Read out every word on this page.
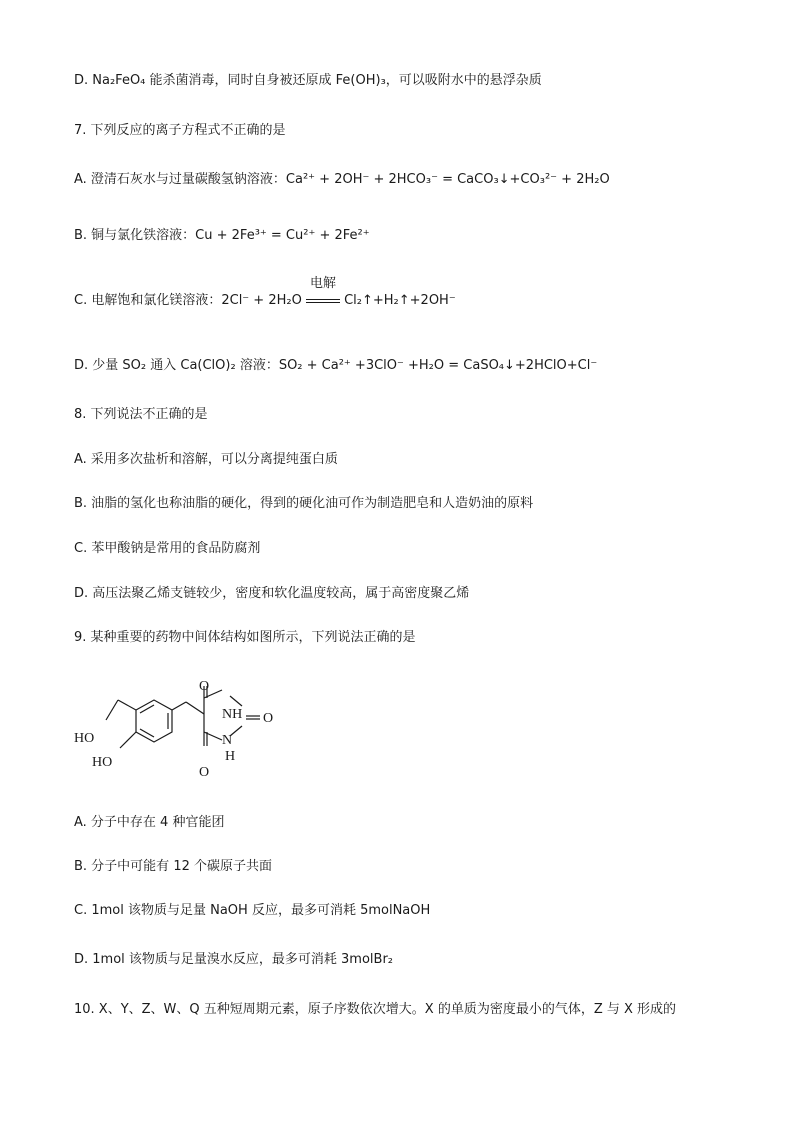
D. Na₂FeO₄ 能杀菌消毒，同时自身被还原成 Fe(OH)₃，可以吸附水中的悬浮杂质
7. 下列反应的离子方程式不正确的是
A. 澄清石灰水与过量碳酸氢钠溶液：Ca²⁺ + 2OH⁻ + 2HCO₃⁻ = CaCO₃↓+CO₃²⁻ + 2H₂O
B. 铜与氯化铁溶液：Cu + 2Fe³⁺ = Cu²⁺ + 2Fe²⁺
C. 电解饱和氯化镁溶液：2Cl⁻ + 2H₂O
电解
Cl₂↑+H₂↑+2OH⁻
D. 少量 SO₂ 通入 Ca(ClO)₂ 溶液：SO₂ + Ca²⁺ +3ClO⁻ +H₂O = CaSO₄↓+2HClO+Cl⁻
8. 下列说法不正确的是
A. 采用多次盐析和溶解，可以分离提纯蛋白质
B. 油脂的氢化也称油脂的硬化，得到的硬化油可作为制造肥皂和人造奶油的原料
C. 苯甲酸钠是常用的食品防腐剂
D. 高压法聚乙烯支链较少，密度和软化温度较高，属于高密度聚乙烯
9. 某种重要的药物中间体结构如图所示，下列说法正确的是
O
NH O
N
H
O
HO
HO
A. 分子中存在 4 种官能团
B. 分子中可能有 12 个碳原子共面
C. 1mol 该物质与足量 NaOH 反应，最多可消耗 5molNaOH
D. 1mol 该物质与足量溴水反应，最多可消耗 3molBr₂
10. X、Y、Z、W、Q 五种短周期元素，原子序数依次增大。X 的单质为密度最小的气体，Z 与 X 形成的
